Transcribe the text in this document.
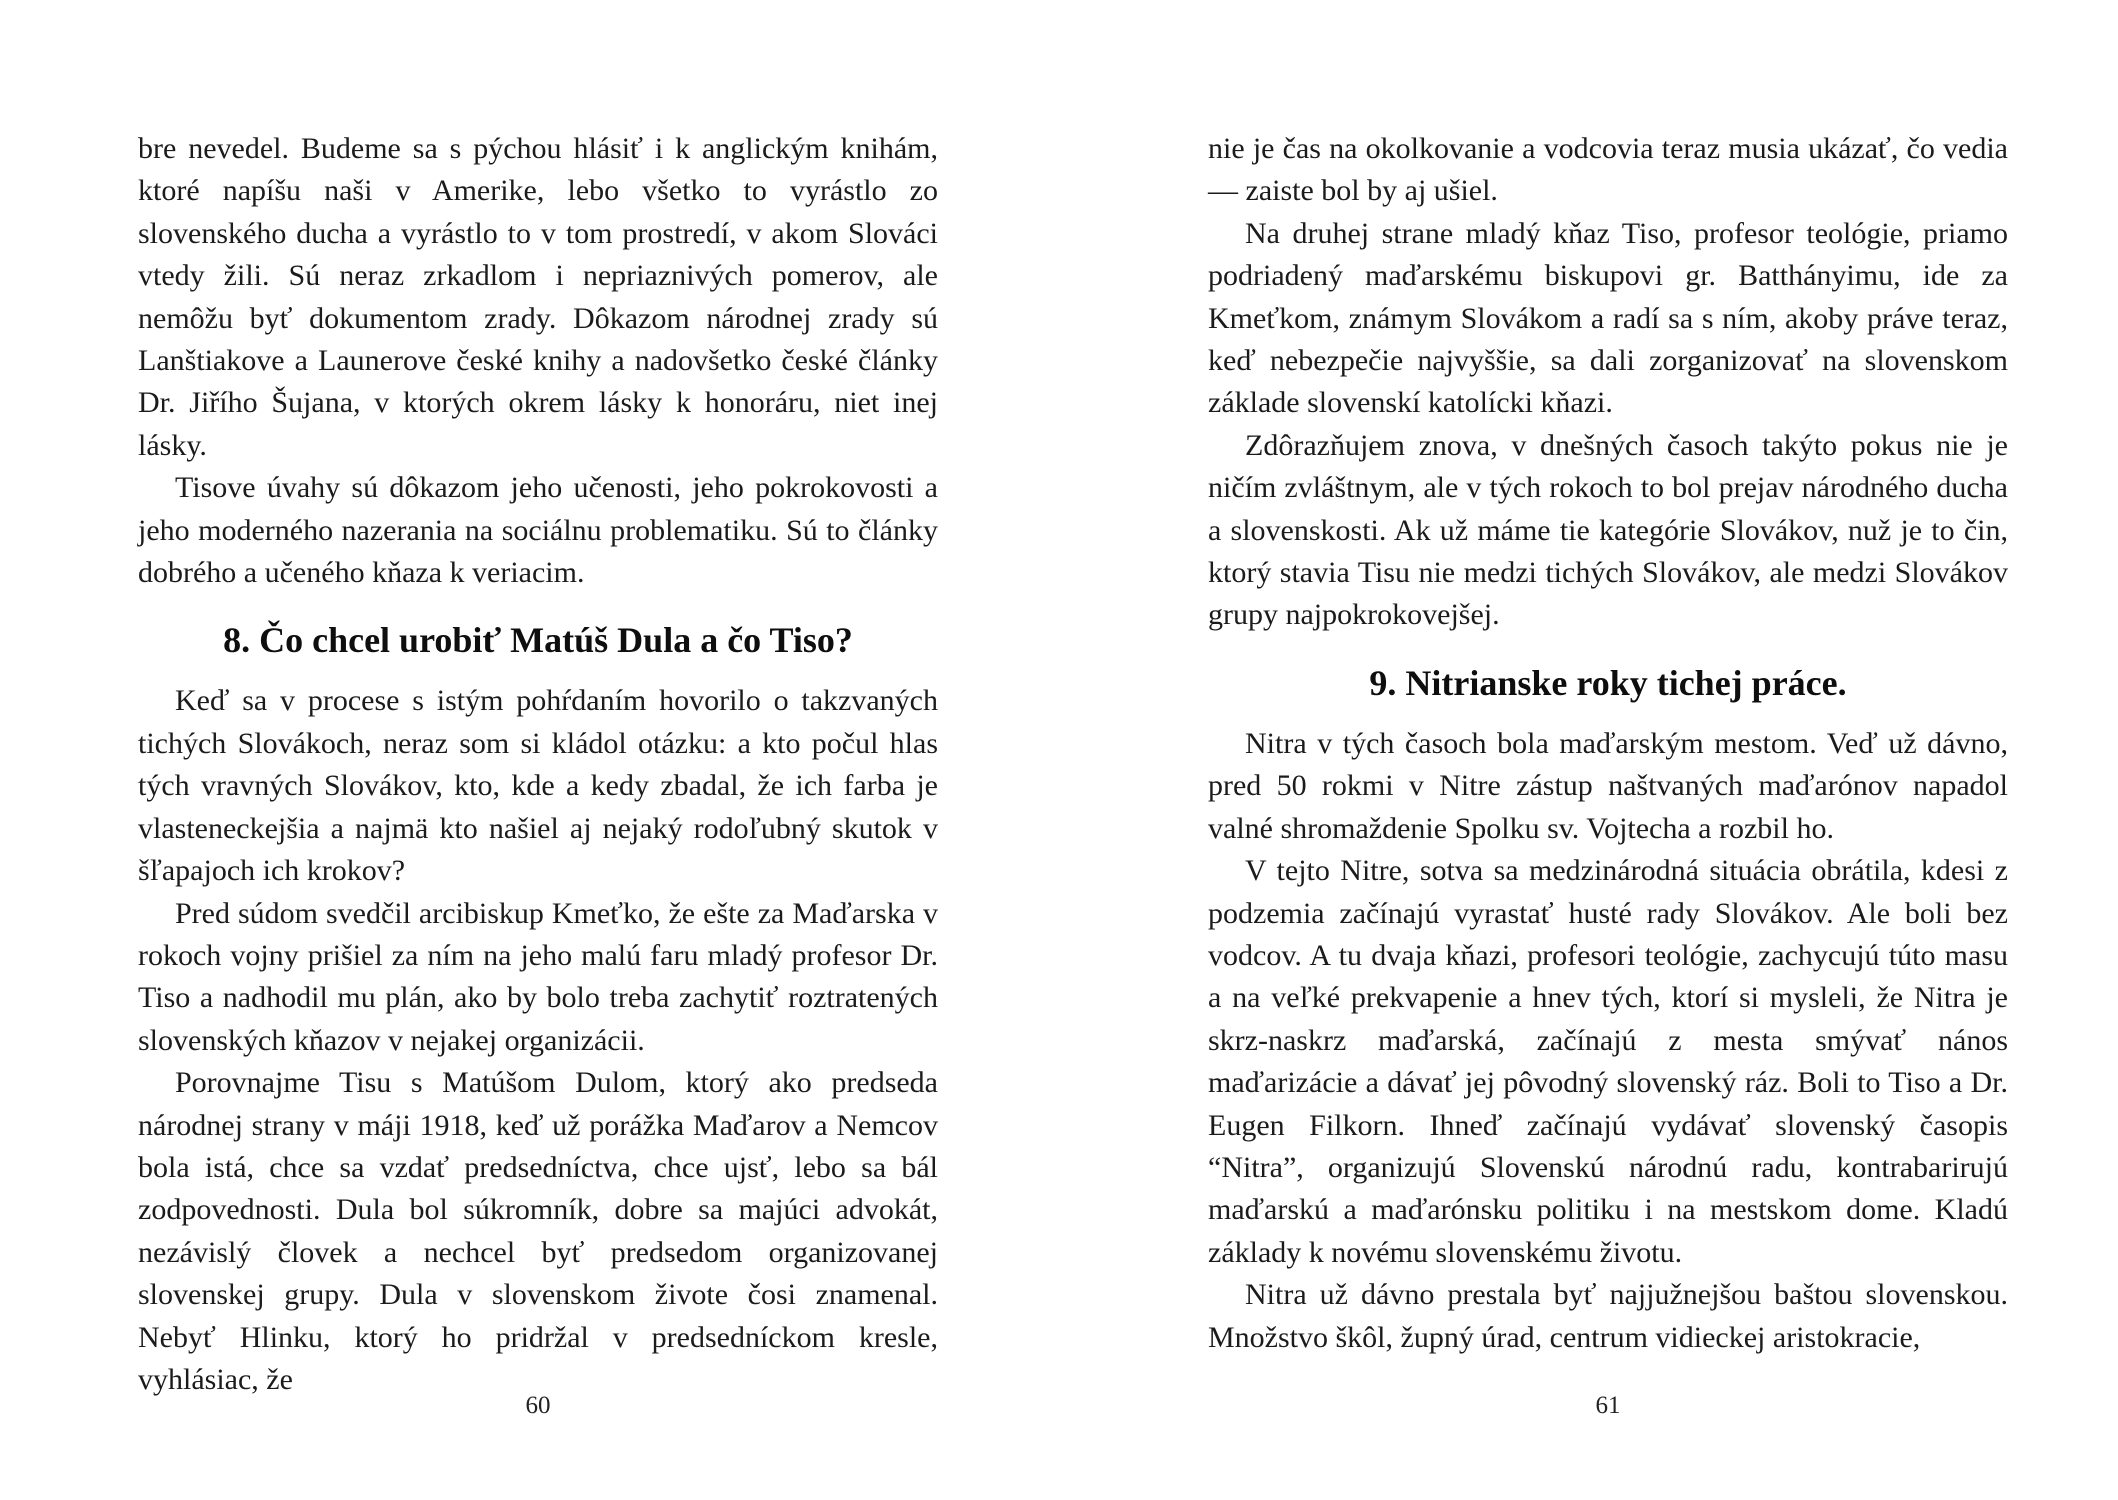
bre nevedel. Budeme sa s pýchou hlásiť i k anglickým knihám, ktoré napíšu naši v Amerike, lebo všetko to vyrástlo zo slovenského ducha a vyrástlo to v tom prostredí, v akom Slováci vtedy žili. Sú neraz zrkadlom i nepriaznivých pomerov, ale nemôžu byť dokumentom zrady. Dôkazom národnej zrady sú Lanštiakove a Launerove české knihy a nadovšetko české články Dr. Jiřího Šujana, v ktorých okrem lásky k honoráru, niet inej lásky.

Tisove úvahy sú dôkazom jeho učenosti, jeho pokrokovosti a jeho moderného nazerania na sociálnu problematiku. Sú to články dobrého a učeného kňaza k veriacim.

8. Čo chcel urobiť Matúš Dula a čo Tiso?

Keď sa v procese s istým pohŕdaním hovorilo o takzvaných tichých Slovákoch, neraz som si kládol otázku: a kto počul hlas tých vravných Slovákov, kto, kde a kedy zbadal, že ich farba je vlasteneckejšia a najmä kto našiel aj nejaký rodoľubný skutok v šľapajoch ich krokov?

Pred súdom svedčil arcibiskup Kmeťko, že ešte za Maďarska v rokoch vojny prišiel za ním na jeho malú faru mladý profesor Dr. Tiso a nadhodil mu plán, ako by bolo treba zachytiť roztratených slovenských kňazov v nejakej organizácii.

Porovnajme Tisu s Matúšom Dulom, ktorý ako predseda národnej strany v máji 1918, keď už porážka Maďarov a Nemcov bola istá, chce sa vzdať predsedníctva, chce ujsť, lebo sa bál zodpovednosti. Dula bol súkromník, dobre sa majúci advokát, nezávislý človek a nechcel byť predsedom organizovanej slovenskej grupy. Dula v slovenskom živote čosi znamenal. Nebyť Hlinku, ktorý ho pridržal v predsedníckom kresle, vyhlásiac, že

nie je čas na okolkovanie a vodcovia teraz musia ukázať, čo vedia — zaiste bol by aj ušiel.

Na druhej strane mladý kňaz Tiso, profesor teológie, priamo podriadený maďarskému biskupovi gr. Batthányimu, ide za Kmeťkom, známym Slovákom a radí sa s ním, akoby práve teraz, keď nebezpečie najvyššie, sa dali zorganizovať na slovenskom základe slovenskí katolícki kňazi.

Zdôrazňujem znova, v dnešných časoch takýto pokus nie je ničím zvláštnym, ale v tých rokoch to bol prejav národného ducha a slovenskosti. Ak už máme tie kategórie Slovákov, nuž je to čin, ktorý stavia Tisu nie medzi tichých Slovákov, ale medzi Slovákov grupy najpokrokovejšej.

9. Nitrianske roky tichej práce.

Nitra v tých časoch bola maďarským mestom. Veď už dávno, pred 50 rokmi v Nitre zástup naštvaných maďarónov napadol valné shromaždenie Spolku sv. Vojtecha a rozbil ho.

V tejto Nitre, sotva sa medzinárodná situácia obrátila, kdesi z podzemia začínajú vyrastať husté rady Slovákov. Ale boli bez vodcov. A tu dvaja kňazi, profesori teológie, zachycujú túto masu a na veľké prekvapenie a hnev tých, ktorí si mysleli, že Nitra je skrz-naskrz maďarská, začínajú z mesta smývať nános maďarizácie a dávať jej pôvodný slovenský ráz. Boli to Tiso a Dr. Eugen Filkorn. Ihneď začínajú vydávať slovenský časopis “Nitra”, organizujú Slovenskú národnú radu, kontrabarirujú maďarskú a maďarónsku politiku i na mestskom dome. Kladú základy k novému slovenskému životu.

Nitra už dávno prestala byť najjužnejšou baštou slovenskou. Množstvo škôl, župný úrad, centrum vidieckej aristokracie,

60	61
